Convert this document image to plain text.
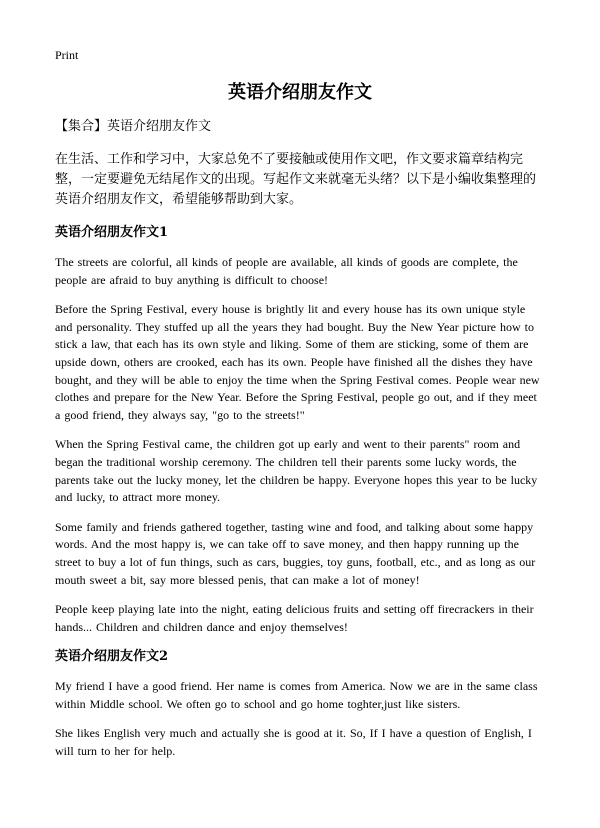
Print
英语介绍朋友作文

【集合】英语介绍朋友作文

在生活、工作和学习中，大家总免不了要接触或使用作文吧，作文要求篇章结构完整，一定要避免无结尾作文的出现。写起作文来就毫无头绪？以下是小编收集整理的英语介绍朋友作文，希望能够帮助到大家。

英语介绍朋友作文1

The streets are colorful, all kinds of people are available, all kinds of goods are complete, the people are afraid to buy anything is difficult to choose!

Before the Spring Festival, every house is brightly lit and every house has its own unique style and personality. They stuffed up all the years they had bought. Buy the New Year picture how to stick a law, that each has its own style and liking. Some of them are sticking, some of them are upside down, others are crooked, each has its own. People have finished all the dishes they have bought, and they will be able to enjoy the time when the Spring Festival comes. People wear new clothes and prepare for the New Year. Before the Spring Festival, people go out, and if they meet a good friend, they always say, "go to the streets!"

When the Spring Festival came, the children got up early and went to their parents" room and began the traditional worship ceremony. The children tell their parents some lucky words, the parents take out the lucky money, let the children be happy. Everyone hopes this year to be lucky and lucky, to attract more money.

Some family and friends gathered together, tasting wine and food, and talking about some happy words. And the most happy is, we can take off to save money, and then happy running up the street to buy a lot of fun things, such as cars, buggies, toy guns, football, etc., and as long as our mouth sweet a bit, say more blessed penis, that can make a lot of money!

People keep playing late into the night, eating delicious fruits and setting off firecrackers in their hands... Children and children dance and enjoy themselves!

英语介绍朋友作文2

My friend I have a good friend. Her name is comes from America. Now we are in the same class within Middle school. We often go to school and go home toghter,just like sisters.

She likes English very much and actually she is good at it. So, If I have a question of English, I will turn to her for help.
